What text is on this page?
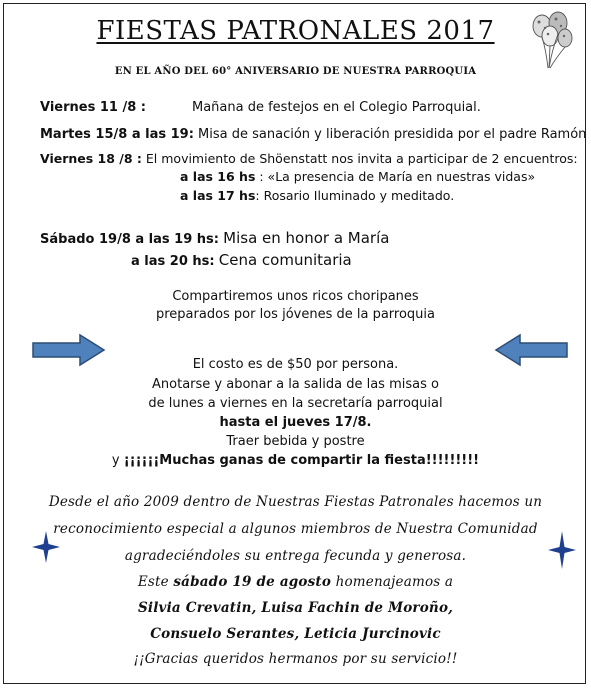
FIESTAS PATRONALES 2017
EN EL AÑO DEL 60° ANIVERSARIO DE NUESTRA PARROQUIA
Viernes 11 /8 :	Mañana de festejos en el Colegio Parroquial.
Martes 15/8 a las 19: Misa de sanación y liberación presidida por el padre Ramón
Viernes 18 /8 : El movimiento de Shöenstatt nos invita a participar de 2 encuentros:
a las 16 hs : «La presencia de María en nuestras vidas»
a las 17 hs: Rosario Iluminado y meditado.
Sábado 19/8 a las 19 hs: Misa en honor a María
a las 20 hs: Cena comunitaria
Compartiremos unos ricos choripanes
preparados por los jóvenes de la parroquia
El costo es de $50 por persona.
Anotarse y abonar a la salida de las misas o
de lunes a viernes en la secretaría parroquial
hasta el jueves 17/8.
Traer bebida y postre
y ¡¡¡¡¡¡Muchas ganas de compartir la fiesta!!!!!!!!!
Desde el año 2009 dentro de Nuestras Fiestas Patronales hacemos un
reconocimiento especial a algunos miembros de Nuestra Comunidad
agradeciéndoles su entrega fecunda y generosa.
Este sábado 19 de agosto homenajeamos a
Silvia Crevatin, Luisa Fachin de Moroño,
Consuelo Serantes, Leticia Jurcinovic
¡¡Gracias queridos hermanos por su servicio!!
